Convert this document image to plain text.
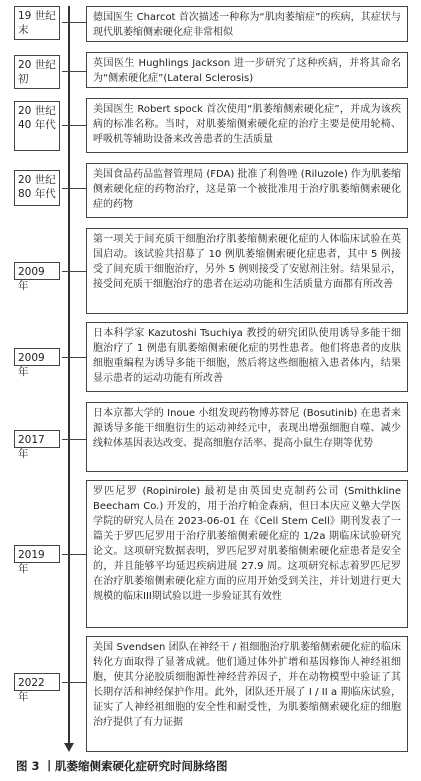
19 世纪末
德国医生 Charcot 首次描述一种称为“肌肉萎缩症”的疾病，其症状与现代肌萎缩侧索硬化症非常相似
20 世纪初
英国医生 Hughlings Jackson 进一步研究了这种疾病，并将其命名为“侧索硬化症”(Lateral Sclerosis)
20 世纪 40 年代
美国医生 Robert spock 首次使用“肌萎缩侧索硬化症”，并成为该疾病的标准名称。当时，对肌萎缩侧索硬化症的治疗主要是使用轮椅、呼吸机等辅助设备来改善患者的生活质量
20 世纪 80 年代
美国食品药品监督管理局 (FDA) 批准了利鲁唑 (Riluzole) 作为肌萎缩侧索硬化症的药物治疗，这是第一个被批准用于治疗肌萎缩侧索硬化症的药物
2009 年
第一项关于间充质干细胞治疗肌萎缩侧索硬化症的人体临床试验在英国启动。该试验共招募了 10 例肌萎缩侧索硬化症患者，其中 5 例接受了间充质干细胞治疗，另外 5 例则接受了安慰剂注射。结果显示，接受间充质干细胞治疗的患者在运动功能和生活质量方面都有所改善
2009 年
日本科学家 Kazutoshi Tsuchiya 教授的研究团队使用诱导多能干细胞治疗了 1 例患有肌萎缩侧索硬化症的男性患者。他们将患者的皮肤细胞重编程为诱导多能干细胞，然后将这些细胞植入患者体内，结果显示患者的运动功能有所改善
2017 年
日本京都大学的 Inoue 小组发现药物博苏替尼 (Bosutinib) 在患者来源诱导多能干细胞衍生的运动神经元中，表现出增强细胞自噬、减少线粒体基因表达改变、提高细胞存活率、提高小鼠生存期等优势
2019 年
罗匹尼罗 (Ropinirole) 最初是由英国史克制药公司 (Smithkline Beecham Co.) 开发的，用于治疗帕金森病，但日本庆应义塾大学医学院的研究人员在 2023-06-01 在《Cell Stem Cell》期刊发表了一篇关于罗匹尼罗用于治疗肌萎缩侧索硬化症的 1/2a 期临床试验研究论文。这项研究数据表明，罗匹尼罗对肌萎缩侧索硬化症患者是安全的，并且能够平均延迟疾病进展 27.9 周。这项研究标志着罗匹尼罗在治疗肌萎缩侧索硬化症方面的应用开始受到关注，并计划进行更大规模的临床III期试验以进一步验证其有效性
2022 年
美国 Svendsen 团队在神经干 / 祖细胞治疗肌萎缩侧索硬化症的临床转化方面取得了显著成就。他们通过体外扩增和基因修饰人神经祖细胞，使其分泌胶质细胞源性神经营养因子，并在动物模型中验证了其长期存活和神经保护作用。此外，团队还开展了 I / II a 期临床试验，证实了人神经祖细胞的安全性和耐受性，为肌萎缩侧索硬化症的细胞治疗提供了有力证据
图 3 丨肌萎缩侧索硬化症研究时间脉络图
